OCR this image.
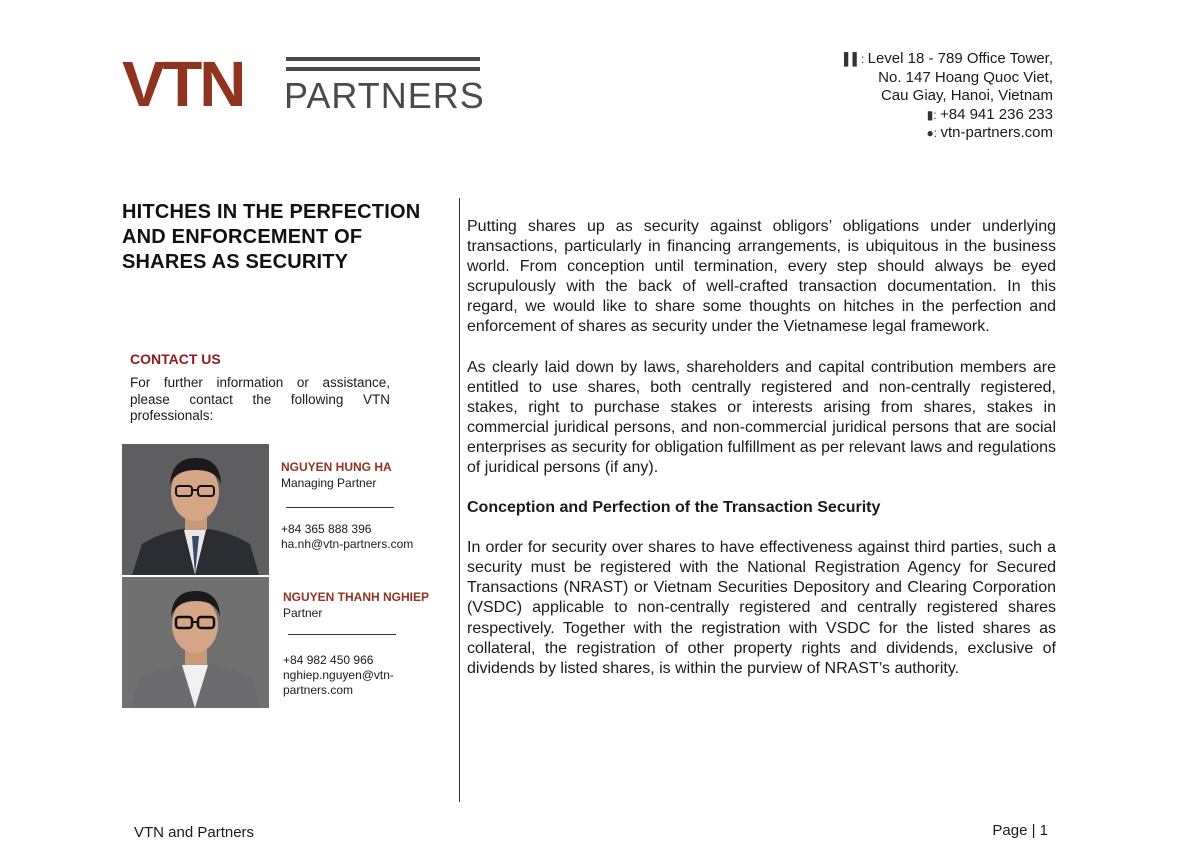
VTN PARTNERS
▌▌: Level 18 - 789 Office Tower,
No. 147 Hoang Quoc Viet,
Cau Giay, Hanoi, Vietnam
▮: +84 941 236 233
●: vtn-partners.com
HITCHES IN THE PERFECTION AND ENFORCEMENT OF SHARES AS SECURITY
CONTACT US
For further information or assistance, please contact the following VTN professionals:
NGUYEN HUNG HA
Managing Partner
+84 365 888 396
ha.nh@vtn-partners.com
NGUYEN THANH NGHIEP
Partner
+84 982 450 966
nghiep.nguyen@vtn-
partners.com

Putting shares up as security against obligors’ obligations under underlying transactions, particularly in financing arrangements, is ubiquitous in the business world. From conception until termination, every step should always be eyed scrupulously with the back of well-crafted transaction documentation. In this regard, we would like to share some thoughts on hitches in the perfection and enforcement of shares as security under the Vietnamese legal framework.

As clearly laid down by laws, shareholders and capital contribution members are entitled to use shares, both centrally registered and non-centrally registered, stakes, right to purchase stakes or interests arising from shares, stakes in commercial juridical persons, and non-commercial juridical persons that are social enterprises as security for obligation fulfillment as per relevant laws and regulations of juridical persons (if any).

Conception and Perfection of the Transaction Security

In order for security over shares to have effectiveness against third parties, such a security must be registered with the National Registration Agency for Secured Transactions (NRAST) or Vietnam Securities Depository and Clearing Corporation (VSDC) applicable to non-centrally registered and centrally registered shares respectively. Together with the registration with VSDC for the listed shares as collateral, the registration of other property rights and dividends, exclusive of dividends by listed shares, is within the purview of NRAST’s authority.

VTN and Partners	Page | 1
